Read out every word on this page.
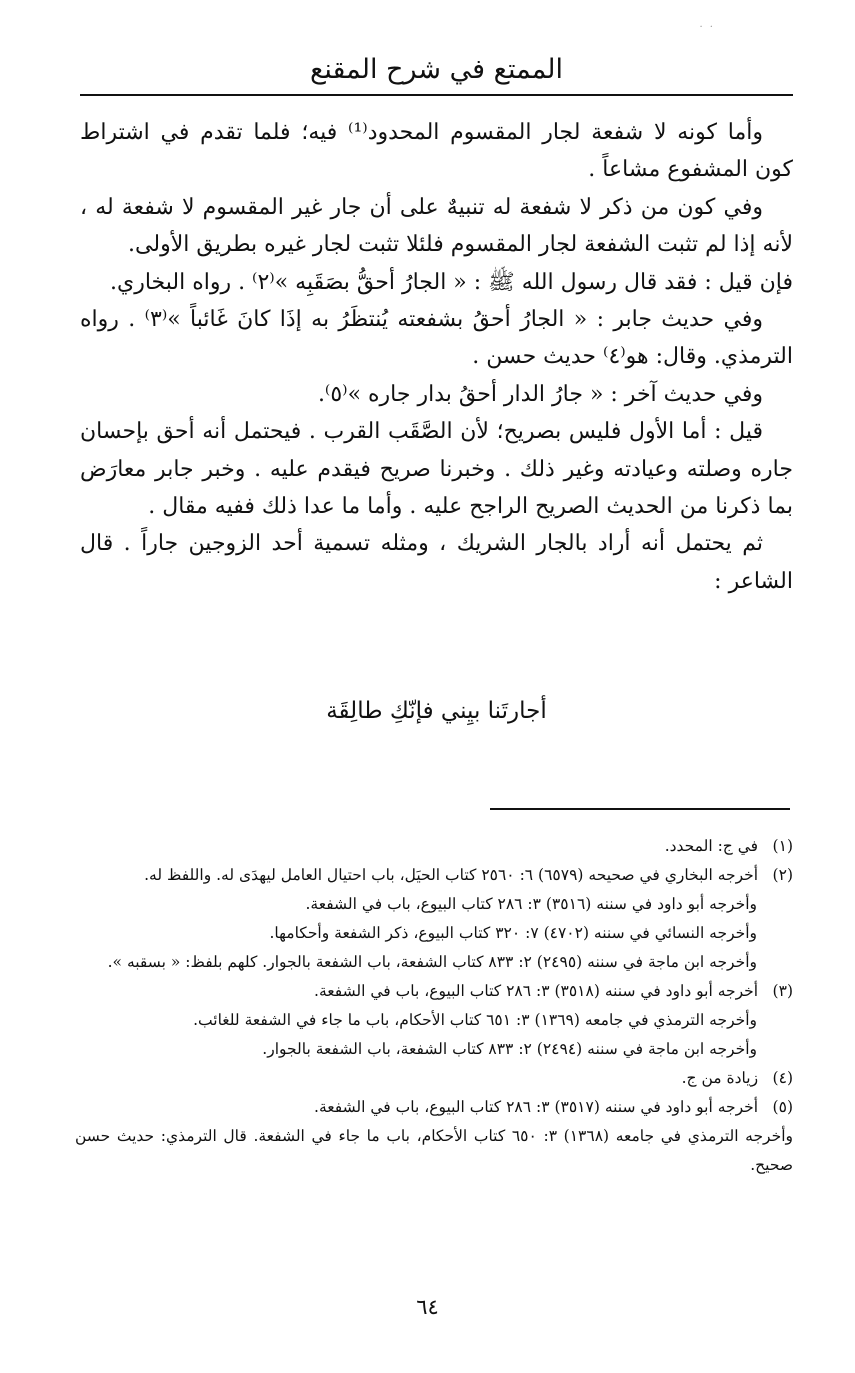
· ·
الممتع في شرح المقنع

وأما كونه لا شفعة لجار المقسوم المحدود⁽¹⁾ فيه؛ فلما تقدم في اشتراط كون المشفوع مشاعاً .

وفي كون من ذكر لا شفعة له تنبيهٌ على أن جار غير المقسوم لا شفعة له ، لأنه إذا لم تثبت الشفعة لجار المقسوم فلئلا تثبت لجار غيره بطريق الأولى.

فإن قيل : فقد قال رسول الله ﷺ : « الجارُ أحقُّ بصَقَبِه »⁽٢⁾ . رواه البخاري.

وفي حديث جابر : « الجارُ أحقُ بشفعته يُنتظَرُ به إذَا كانَ غَائباً »⁽٣⁾ . رواه الترمذي. وقال: هو⁽٤⁾ حديث حسن .

وفي حديث آخر : « جارُ الدار أحقُ بدار جاره »⁽٥⁾.

قيل : أما الأول فليس بصريح؛ لأن الصَّقَب القرب . فيحتمل أنه أحق بإحسان جاره وصلته وعيادته وغير ذلك . وخبرنا صريح فيقدم عليه . وخبر جابر معارَض بما ذكرنا من الحديث الصريح الراجح عليه . وأما ما عدا ذلك ففيه مقال .

ثم يحتمل أنه أراد بالجار الشريك ، ومثله تسمية أحد الزوجين جاراً . قال الشاعر :

أجارتَنا بيِني فإنّكِ طالِقَة

(١) في ج: المحدد.

(٢) أخرجه البخاري في صحيحه (٦٥٧٩) ٦: ٢٥٦٠ كتاب الحيَل، باب احتيال العامل ليهدَى له. واللفظ له.

وأخرجه أبو داود في سننه (٣٥١٦) ٣: ٢٨٦ كتاب البيوع، باب في الشفعة.

وأخرجه النسائي في سننه (٤٧٠٢) ٧: ٣٢٠ كتاب البيوع، ذكر الشفعة وأحكامها.

وأخرجه ابن ماجة في سننه (٢٤٩٥) ٢: ٨٣٣ كتاب الشفعة، باب الشفعة بالجوار. كلهم بلفظ: « بسقبه ».

(٣) أخرجه أبو داود في سننه (٣٥١٨) ٣: ٢٨٦ كتاب البيوع، باب في الشفعة.

وأخرجه الترمذي في جامعه (١٣٦٩) ٣: ٦٥١ كتاب الأحكام، باب ما جاء في الشفعة للغائب.

وأخرجه ابن ماجة في سننه (٢٤٩٤) ٢: ٨٣٣ كتاب الشفعة، باب الشفعة بالجوار.

(٤) زيادة من ج.

(٥) أخرجه أبو داود في سننه (٣٥١٧) ٣: ٢٨٦ كتاب البيوع، باب في الشفعة.

وأخرجه الترمذي في جامعه (١٣٦٨) ٣: ٦٥٠ كتاب الأحكام، باب ما جاء في الشفعة. قال الترمذي: حديث حسن صحيح.

٦٤
